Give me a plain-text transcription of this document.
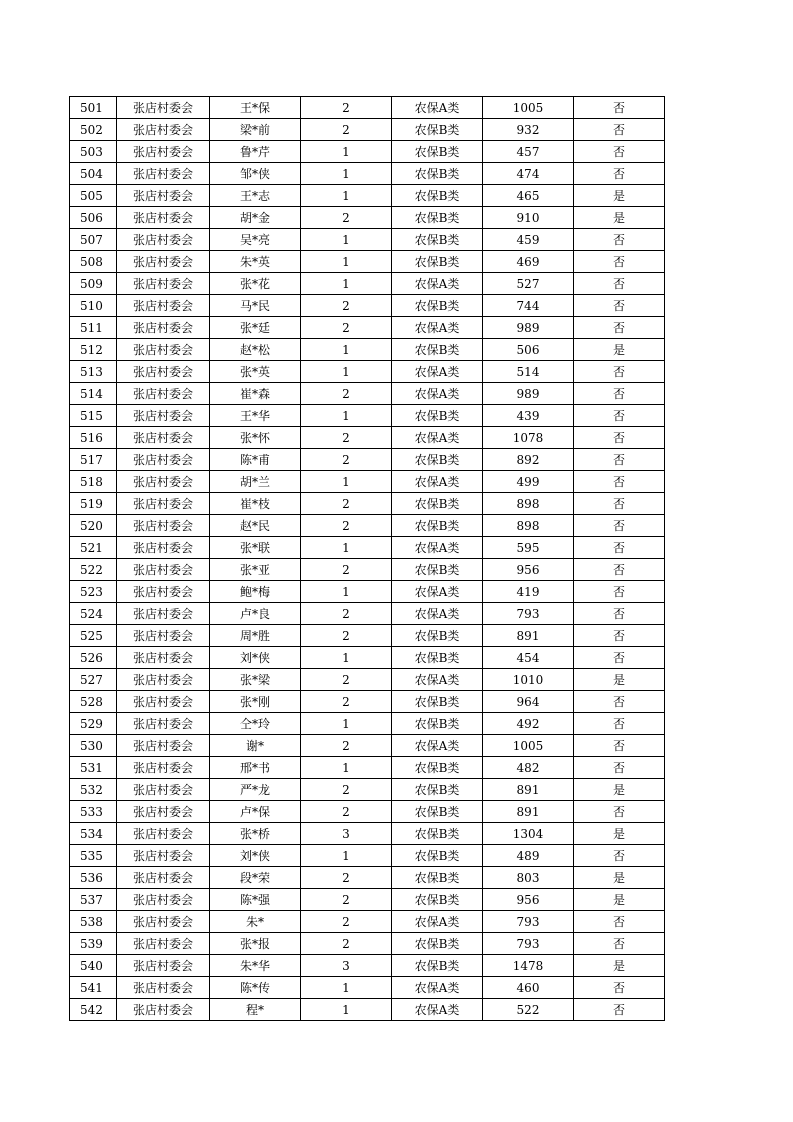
501	张店村委会	王*保	2	农保A类	1005	否
502	张店村委会	梁*前	2	农保B类	932	否
503	张店村委会	鲁*芹	1	农保B类	457	否
504	张店村委会	邹*侠	1	农保B类	474	否
505	张店村委会	王*志	1	农保B类	465	是
506	张店村委会	胡*金	2	农保B类	910	是
507	张店村委会	吴*亮	1	农保B类	459	否
508	张店村委会	朱*英	1	农保B类	469	否
509	张店村委会	张*花	1	农保A类	527	否
510	张店村委会	马*民	2	农保B类	744	否
511	张店村委会	张*廷	2	农保A类	989	否
512	张店村委会	赵*松	1	农保B类	506	是
513	张店村委会	张*英	1	农保A类	514	否
514	张店村委会	崔*森	2	农保A类	989	否
515	张店村委会	王*华	1	农保B类	439	否
516	张店村委会	张*怀	2	农保A类	1078	否
517	张店村委会	陈*甫	2	农保B类	892	否
518	张店村委会	胡*兰	1	农保A类	499	否
519	张店村委会	崔*枝	2	农保B类	898	否
520	张店村委会	赵*民	2	农保B类	898	否
521	张店村委会	张*联	1	农保A类	595	否
522	张店村委会	张*亚	2	农保B类	956	否
523	张店村委会	鲍*梅	1	农保A类	419	否
524	张店村委会	卢*良	2	农保A类	793	否
525	张店村委会	周*胜	2	农保B类	891	否
526	张店村委会	刘*侠	1	农保B类	454	否
527	张店村委会	张*梁	2	农保A类	1010	是
528	张店村委会	张*刚	2	农保B类	964	否
529	张店村委会	仝*玲	1	农保B类	492	否
530	张店村委会	谢*	2	农保A类	1005	否
531	张店村委会	邢*书	1	农保B类	482	否
532	张店村委会	严*龙	2	农保B类	891	是
533	张店村委会	卢*保	2	农保B类	891	否
534	张店村委会	张*桥	3	农保B类	1304	是
535	张店村委会	刘*侠	1	农保B类	489	否
536	张店村委会	段*荣	2	农保B类	803	是
537	张店村委会	陈*强	2	农保B类	956	是
538	张店村委会	朱*	2	农保A类	793	否
539	张店村委会	张*报	2	农保B类	793	否
540	张店村委会	朱*华	3	农保B类	1478	是
541	张店村委会	陈*传	1	农保A类	460	否
542	张店村委会	程*	1	农保A类	522	否
